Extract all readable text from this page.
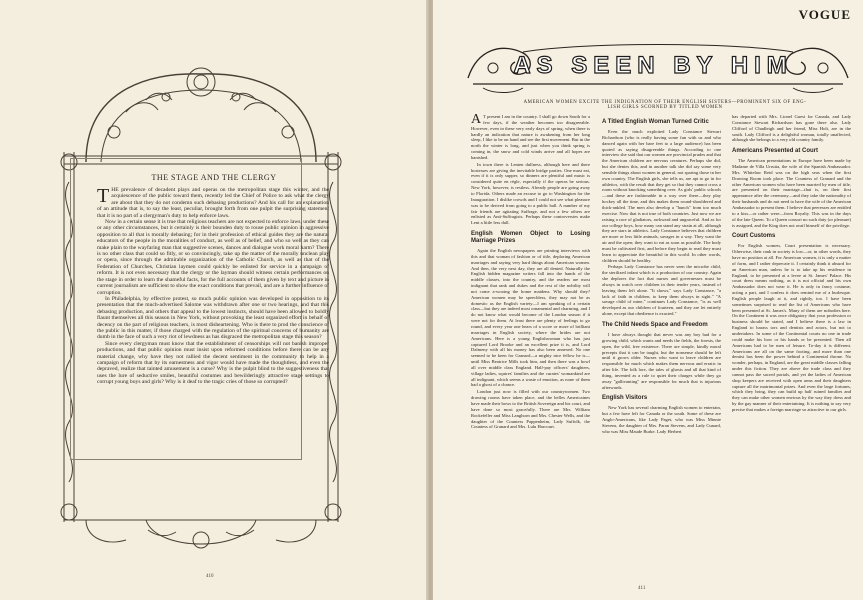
THE STAGE AND THE CLERGY

THE prevalence of decadent plays and operas on the metropolitan stage this winter, and the acquiescence of the public toward them, recently led the Chief of Police to ask what the clergy are about that they do not condemn such debasing productions? And his call for an explanation of an attitude that is, to say the least, peculiar, brought forth from one pulpit the surprising statement that it is no part of a clergyman's duty to help enforce laws.

Now in a certain sense it is true that religious teachers are not expected to enforce laws, under these or any other circumstances, but it certainly is their bounden duty to rouse public opinion in aggressive opposition to all that is morally debasing; for in their profession of ethical guides they are the natural educators of the people in the moralities of conduct, as well as of belief, and who so well as they can make plain to the wayfaring man that suggestive scenes, dances and dialogue work moral harm? There is no other class that could so fitly, or so convincingly, take up the matter of the morally unclean play or opera, since through the admirable organization of the Catholic Church, as well as that of the Federation of Churches, Christian laymen could quickly be enlisted for service in a campaign of reform. It is not even necessary that the clergy or the layman should witness certain performances on the stage in order to learn the shameful facts, for the full accounts of them given by text and picture in current journalism are sufficient to show the exact conditions that prevail, and are a further influence of corruption.

In Philadelphia, by effective protest, so much public opinion was developed in opposition to its presentation that the much-advertised Salome was withdrawn after one or two hearings, and that this debasing production, and others that appeal to the lowest instincts, should have been allowed to boldly flaunt themselves all this season in New York, without provoking the least organized effort in behalf of decency on the part of religious teachers, is most disheartening. Who is there to prod the conscience of the public in this matter, if those charged with the regulation of the spiritual concerns of humanity are dumb in the face of such a very riot of lewdness as has disgraced the metropolitan stage this season?

Since every clergyman must know that the establishment of censorships will not banish improper productions, and that public opinion must insist upon reformed conditions before there can be any material change, why have they not rallied the decent sentiment in the community to help in a campaign of reform that by its earnestness and vigor would have made the thoughtless, and even the depraved, realize that tainted amusement is a curse? Why is the pulpit blind to the suggestiveness that uses the lure of seductive smiles, beautiful costumes and bewilderingly attractive stage settings to corrupt young boys and girls? Why is it deaf to the tragic cries of those so corrupted?

410
VOGUE
AS SEEN BY HIM
AMERICAN WOMEN EXCITE THE INDIGNATION OF THEIR ENGLISH SISTERS—PROMINENT SIX OF ENG-
LISH GIRLS SCORNED BY TITLED WOMEN

A T present I am in the country. I shall go down South for a few days, if the weather becomes too disagreeable. However, even in these very early days of spring, when there is hardly an indication that nature is awakening from her long sleep, I like to be on hand and see the first movement. But in the north the winter is long, and just when you think spring is coming in, the snow and cold winds arrive and all hopes are banished.

In town there is Lenten dullness, although here and there hostesses are giving the inevitable bridge parties. One must eat, even if it is only supper, so dinners are plentiful and music is considered quite en règle, especially if the operas be serious. New York, however, is restless. Already people are going away to Florida. Others made an excuse to go to Washington for the Inauguration. I dislike crowds and I could not see what pleasure was to be derived from going to a public ball. A number of my fair friends are agitating Suffrage, and not a few others are enlisted as Anti-Suffragists. Perhaps these controversies make Lent a little less dull.

English Women Object to Losing Marriage Prizes

Again the English newspapers are printing interviews with this and that woman of fashion or of title, deploring American marriages and saying very hard things about American women. And then, the very next day, they are all denied. Naturally the English hidden magazine writers fall into the hands of the middle classes, into the country, and the readers are most indignant that rank and dukes and the rest of the nobility will not come a-wooing the home maidens. Why should they? American women may be speechless, they may not be as domestic as the English variety—I am speaking of a certain class—but they are indeed most ornamental and charming, and I do not know what would become of the London season if it were not for them. At least there are plenty of feelings to go round, and every year one hears of a score or more of brilliant marriages in English society, where the brides are not Americans. Here is a young Englishwoman who has just captured Lord Brooke and an excellent prize it is, and Lord Dalmeny with all his money has also been annexed. No one seemed to be keen for Granard—a mighty nice fellow he is—until Miss Beatrice Mills took him, and then there was a howl all over middle class England. Half-pay officers' daughters, village ladies, squires' families and the curates' womankind are all indignant, which seems a waste of emotion, as none of them had a ghost of a chance.

London just now is filled with our countrywomen. Two drawing rooms have taken place, and the belles Americaines have made their bows to the British Sovereign and his court, and have done so most gracefully. There are Mrs. William Rockefeller and Miss Langhorn and Mrs. Chester Wells, and the daughter of the Countess Pappenheim, Lady Suffolk, the Countess of Granard and Mrs. Lulu Harcourt.

A Titled English Woman Turned Critic

Even the much exploited Lady Constance Stewart Richardson (who is really having some fun with us and who danced again with her bare feet to a large audience) has been quoted as saying disagreeable things. According to one interview she said that our women are provincial prudes and that the American children are nervous creatures. Perhaps she did, but she denies this, and in another talk she did say some very sensible things about women in general, not sparing those in her own country. The English girls, she tells us, are apt to go in for athletics, with the result that they get so that they cannot cross a room without knocking something over. As girls' public schools—and these are fashionable in a way over there—they play hockey all the time, and this makes them round-shouldered and thick-ankled. The men also develop a "hunch" from too much exercise. Now that is not true of both countries. Just now we are raising a race of gladiators, awkward and ungraceful. And as for our college boys, how many can stand any strain at all, although they are stars in athletics. Lady Constance believes that children are more or less little animals, savages in a way. They want the air and the open; they want to eat as soon as possible. The body must be cultivated first, and before they begin to read they must learn to appreciate the beautiful in this world. In other words, children should be healthy.

Perhaps Lady Constance has never seen the microbe child, the sterilized infant which is a production of our country. Again she deplores the fact that nurses and governesses must be always in watch over children in their tender years, instead of leaving them left alone. "It shows," says Lady Constance, "a lack of faith in children, to keep them always in sight." "A savage child of mine," continues Lady Constance, "is as well developed as our children of fourteen, and they are let entirely alone, except that obedience is exacted."

The Child Needs Space and Freedom

I have always thought that never was any boy had for a growing child, which wants and needs the fields, the forests, the open, the wild, free existence. There are simple, kindly moral precepts that it can be taught, but the nonsense should be left until it grows older. Nurses who want to leave children are responsible for much which makes them nervous and erratic in after life. The folk lore, the tales of ghosts and all that kind of thing, invented as a rule to quiet their charges while they go away "gallivanting" are responsible for much that is injurious afterwards.

English Visitors

New York has several charming English women to entertain, but a few have left for Canada or the south. Some of these are Anglo-Americans, like Lady Paget, who was Miss Minnie Stevens, the daughter of Mrs. Paran Stevens, and Lady Cunard, who was Miss Maude Burke. Lady Herbert

has departed with Mrs. Lionel Guest for Canada, and Lady Constance Stewart Richardson has gone there also. Lady Clifford of Chudleigh and her friend, Miss Holt, are in the south. Lady Clifford is a delightful woman, totally unaffected, although she belongs to a very old country family.

Americans Presented at Court

The American presentations in Europe have been made by Madame de Villa Urrutia, the wife of the Spanish Ambassador. Mrs. Whitelaw Reid was on the high seas when the first Drawing Room took place. The Countess of Granard and the other American women who have been married by men of title, are presented on their marriage—that is, on their first appearance after the ceremony—and they take the nationality of their husbands and do not need to have the wife of the American Ambassador to present them. I believe that peeresses are entitled to a kiss—or rather were—from Royalty. This was in the days of the late Queen. To a Queen consort no such duty (or pleasure) is assigned, and the King does not avail himself of the privilege.

Court Customs

For English women, Court presentation is necessary. Otherwise, their rank in society is low—or, in other words, they have no position at all. For American women, it is only a matter of form, and I rather deprecate it. I certainly think it absurd for an American man, unless he is to take up his residence in England, to be presented at a levee at St. James' Palace. His court dress means nothing, as it is not official and his own Ambassador does not wear it. He is only in fancy costume, acting a part, and I confess it does remind me of a burlesque. English people laugh at it, and rightly, too. I have been sometimes surprised to read the list of Americans who have been presented at St. James's. Many of them are nobodies here. On the Continent it was once obligatory that your profession or business should be stated, and I believe there is a law in England to harass tors and dentists and actors, but not to undertakers. In some of the Continental courts no one in trade could make his bow or his hands or be presented. Then all Americans had to be men of leisure. To-day it is different. Americans are all on the same footing, and more than one dentist has been the power behind a Continental throne. No wonder, perhaps, in England, are the great middle classes falling under this fiction. They are above the trade class and they cannot pass the sacred portals, and yet the ladies of American shop keepers are received with open arms and their daughters capture all the matrimonial prizes. And even the large fortunes, which they bring, they can build up half ruined families and they can make other women envious by the way they dress and by the gay manner of their entertaining. It is nothing to say very precise that makes a foreign marriage so attractive to our girls.

411
